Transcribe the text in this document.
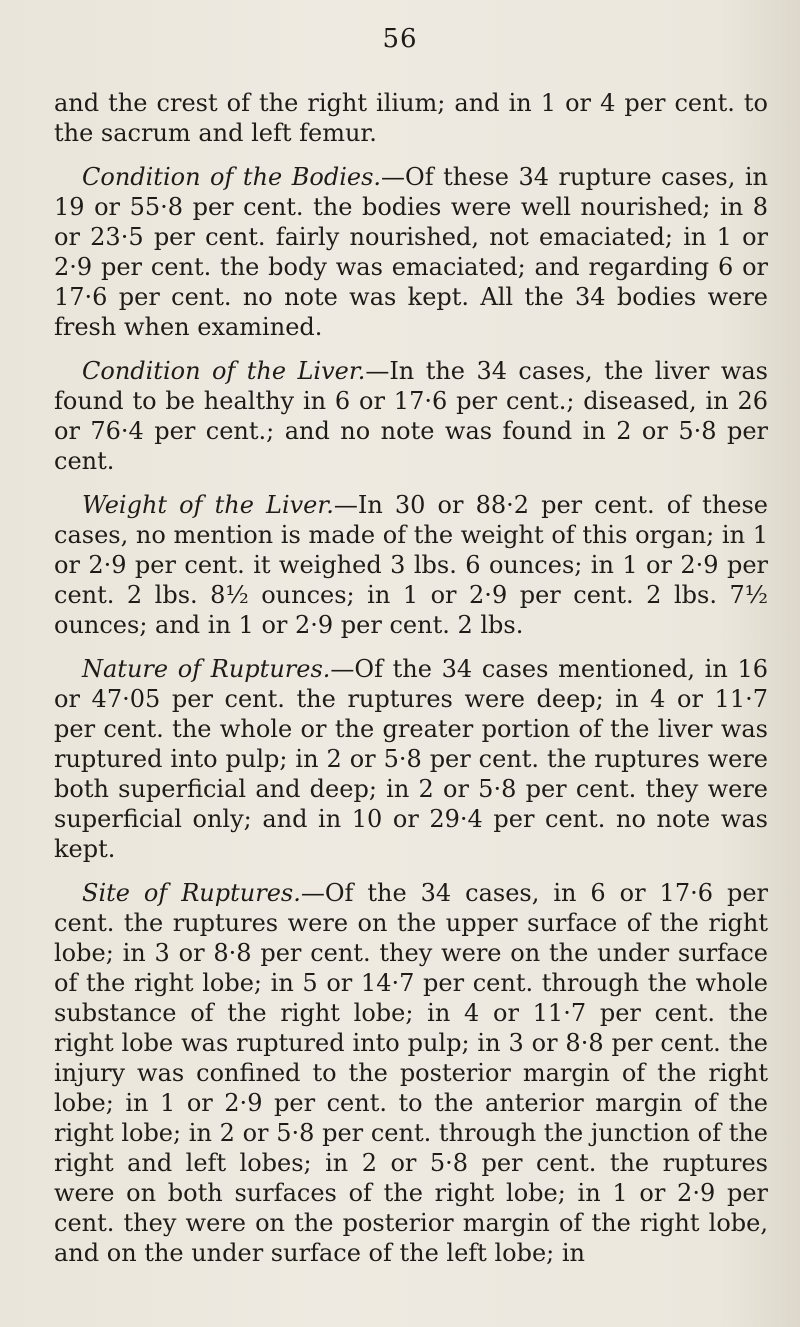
56

and the crest of the right ilium; and in 1 or 4 per cent. to the sacrum and left femur.

Condition of the Bodies.—Of these 34 rupture cases, in 19 or 55·8 per cent. the bodies were well nourished; in 8 or 23·5 per cent. fairly nourished, not emaciated; in 1 or 2·9 per cent. the body was emaciated; and regarding 6 or 17·6 per cent. no note was kept. All the 34 bodies were fresh when examined.

Condition of the Liver.—In the 34 cases, the liver was found to be healthy in 6 or 17·6 per cent.; diseased, in 26 or 76·4 per cent.; and no note was found in 2 or 5·8 per cent.

Weight of the Liver.—In 30 or 88·2 per cent. of these cases, no mention is made of the weight of this organ; in 1 or 2·9 per cent. it weighed 3 lbs. 6 ounces; in 1 or 2·9 per cent. 2 lbs. 8½ ounces; in 1 or 2·9 per cent. 2 lbs. 7½ ounces; and in 1 or 2·9 per cent. 2 lbs.

Nature of Ruptures.—Of the 34 cases mentioned, in 16 or 47·05 per cent. the ruptures were deep; in 4 or 11·7 per cent. the whole or the greater portion of the liver was ruptured into pulp; in 2 or 5·8 per cent. the ruptures were both superficial and deep; in 2 or 5·8 per cent. they were superficial only; and in 10 or 29·4 per cent. no note was kept.

Site of Ruptures.—Of the 34 cases, in 6 or 17·6 per cent. the ruptures were on the upper surface of the right lobe; in 3 or 8·8 per cent. they were on the under surface of the right lobe; in 5 or 14·7 per cent. through the whole substance of the right lobe; in 4 or 11·7 per cent. the right lobe was ruptured into pulp; in 3 or 8·8 per cent. the injury was confined to the posterior margin of the right lobe; in 1 or 2·9 per cent. to the anterior margin of the right lobe; in 2 or 5·8 per cent. through the junction of the right and left lobes; in 2 or 5·8 per cent. the ruptures were on both surfaces of the right lobe; in 1 or 2·9 per cent. they were on the posterior margin of the right lobe, and on the under surface of the left lobe; in
